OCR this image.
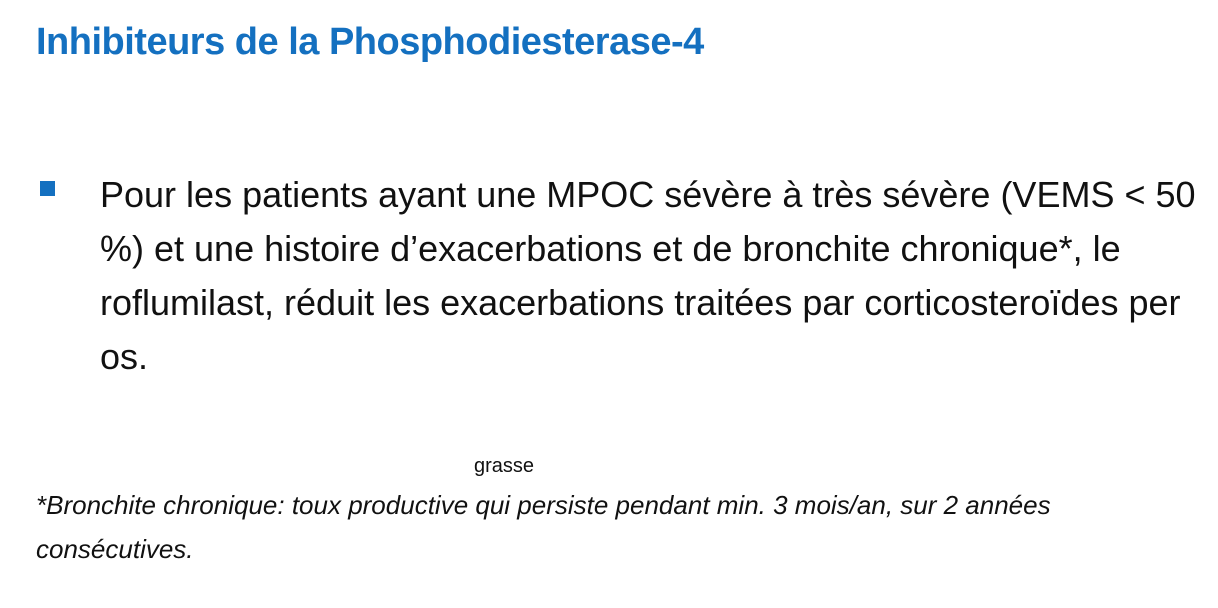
Inhibiteurs de la Phosphodiesterase-4

Pour les patients ayant une MPOC sévère à très sévère (VEMS < 50 %) et une histoire d’exacerbations et de bronchite chronique*, le roflumilast, réduit les exacerbations traitées par corticosteroïdes per os.

grasse

*Bronchite chronique: toux productive qui persiste pendant min. 3 mois/an, sur 2 années consécutives.
